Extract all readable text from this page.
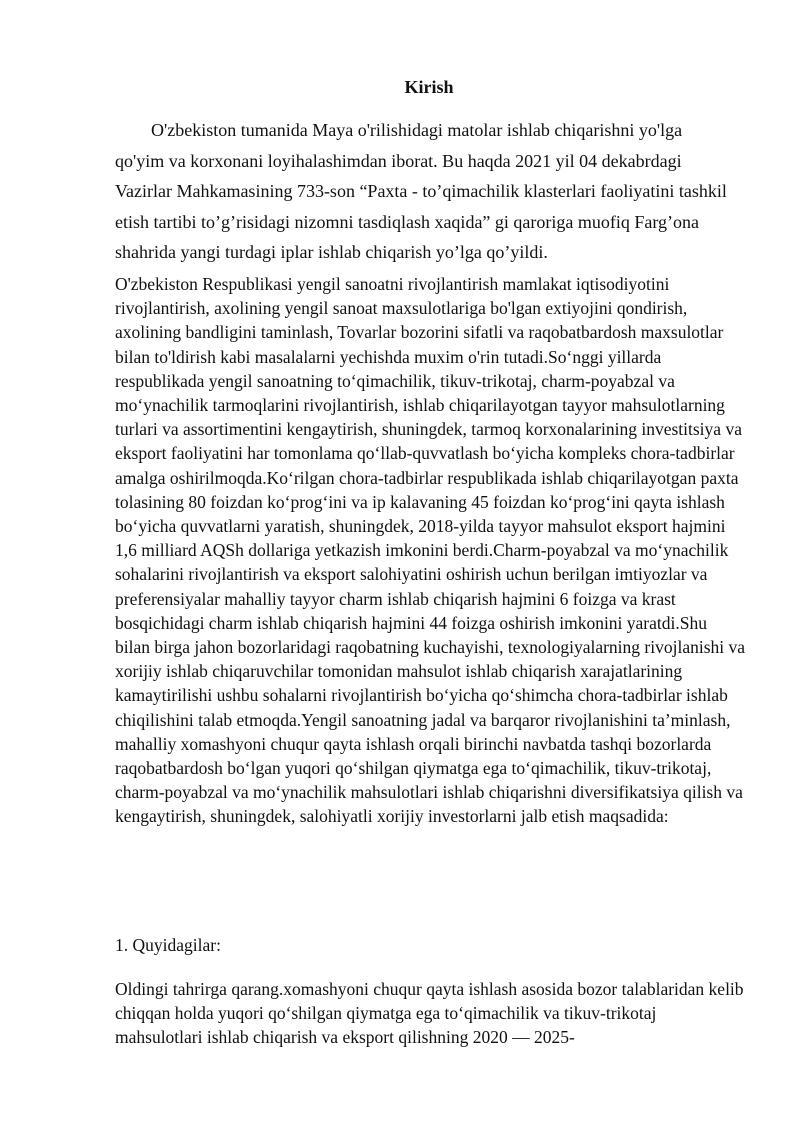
Kirish

O'zbekiston tumanida Maya o'rilishidagi matolar ishlab chiqarishni yo'lga qo'yim va korxonani loyihalashimdan iborat. Bu haqda 2021 yil 04 dekabrdagi Vazirlar Mahkamasining 733-son “Paxta - to’qimachilik klasterlari faoliyatini tashkil etish tartibi to’g’risidagi nizomni tasdiqlash xaqida” gi qaroriga muofiq Farg’ona shahrida yangi turdagi iplar ishlab chiqarish yo’lga qo’yildi.

O'zbekiston Respublikasi yengil sanoatni rivojlantirish mamlakat iqtisodiyotini rivojlantirish, axolining yengil sanoat maxsulotlariga bo'lgan extiyojini qondirish, axolining bandligini taminlash, Tovarlar bozorini sifatli va raqobatbardosh maxsulotlar bilan to'ldirish kabi masalalarni yechishda muxim o'rin tutadi.So‘nggi yillarda respublikada yengil sanoatning to‘qimachilik, tikuv-trikotaj, charm-poyabzal va mo‘ynachilik tarmoqlarini rivojlantirish, ishlab chiqarilayotgan tayyor mahsulotlarning turlari va assortimentini kengaytirish, shuningdek, tarmoq korxonalarining investitsiya va eksport faoliyatini har tomonlama qo‘llab-quvvatlash bo‘yicha kompleks chora-tadbirlar amalga oshirilmoqda.Ko‘rilgan chora-tadbirlar respublikada ishlab chiqarilayotgan paxta tolasining 80 foizdan ko‘prog‘ini va ip kalavaning 45 foizdan ko‘prog‘ini qayta ishlash bo‘yicha quvvatlarni yaratish, shuningdek, 2018-yilda tayyor mahsulot eksport hajmini 1,6 milliard AQSh dollariga yetkazish imkonini berdi.Charm-poyabzal va mo‘ynachilik sohalarini rivojlantirish va eksport salohiyatini oshirish uchun berilgan imtiyozlar va preferensiyalar mahalliy tayyor charm ishlab chiqarish hajmini 6 foizga va krast bosqichidagi charm ishlab chiqarish hajmini 44 foizga oshirish imkonini yaratdi.Shu bilan birga jahon bozorlaridagi raqobatning kuchayishi, texnologiyalarning rivojlanishi va xorijiy ishlab chiqaruvchilar tomonidan mahsulot ishlab chiqarish xarajatlarining kamaytirilishi ushbu sohalarni rivojlantirish bo‘yicha qo‘shimcha chora-tadbirlar ishlab chiqilishini talab etmoqda.Yengil sanoatning jadal va barqaror rivojlanishini ta’minlash, mahalliy xomashyoni chuqur qayta ishlash orqali birinchi navbatda tashqi bozorlarda raqobatbardosh bo‘lgan yuqori qo‘shilgan qiymatga ega to‘qimachilik, tikuv-trikotaj, charm-poyabzal va mo‘ynachilik mahsulotlari ishlab chiqarishni diversifikatsiya qilish va kengaytirish, shuningdek, salohiyatli xorijiy investorlarni jalb etish maqsadida:

1. Quyidagilar:

Oldingi tahrirga qarang.xomashyoni chuqur qayta ishlash asosida bozor talablaridan kelib chiqqan holda yuqori qo‘shilgan qiymatga ega to‘qimachilik va tikuv-trikotaj mahsulotlari ishlab chiqarish va eksport qilishning 2020 — 2025-
